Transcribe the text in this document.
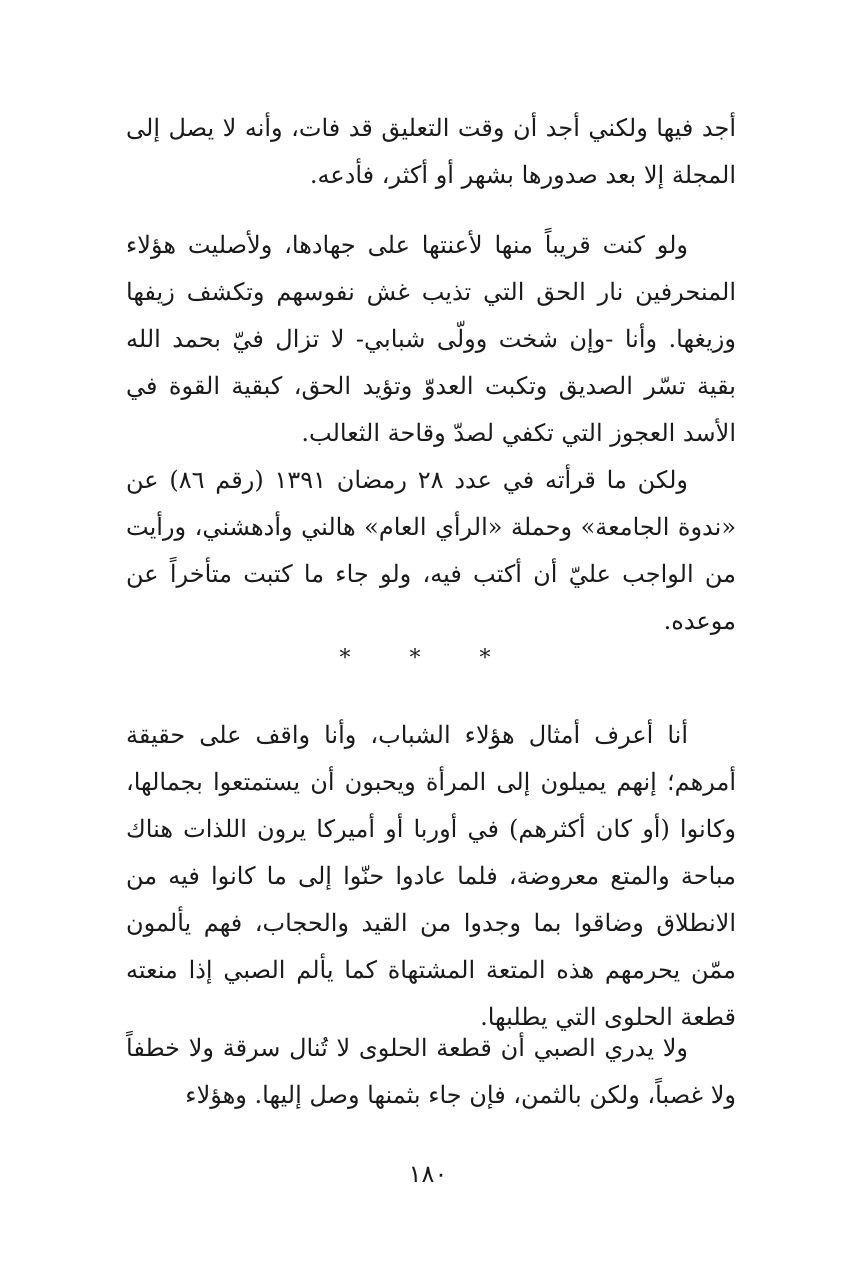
أجد فيها ولكني أجد أن وقت التعليق قد فات، وأنه لا يصل إلى المجلة إلا بعد صدورها بشهر أو أكثر، فأدعه.

ولو كنت قريباً منها لأعنتها على جهادها، ولأصليت هؤلاء المنحرفين نار الحق التي تذيب غش نفوسهم وتكشف زيفها وزيغها. وأنا -وإن شخت وولّى شبابي- لا تزال فيّ بحمد الله بقية تسّر الصديق وتكبت العدوّ وتؤيد الحق، كبقية القوة في الأسد العجوز التي تكفي لصدّ وقاحة الثعالب.

ولكن ما قرأته في عدد ٢٨ رمضان ١٣٩١ (رقم ٨٦) عن «ندوة الجامعة» وحملة «الرأي العام» هالني وأدهشني، ورأيت من الواجب عليّ أن أكتب فيه، ولو جاء ما كتبت متأخراً عن موعده.

* * *

أنا أعرف أمثال هؤلاء الشباب، وأنا واقف على حقيقة أمرهم؛ إنهم يميلون إلى المرأة ويحبون أن يستمتعوا بجمالها، وكانوا (أو كان أكثرهم) في أوربا أو أميركا يرون اللذات هناك مباحة والمتع معروضة، فلما عادوا حنّوا إلى ما كانوا فيه من الانطلاق وضاقوا بما وجدوا من القيد والحجاب، فهم يألمون ممّن يحرمهم هذه المتعة المشتهاة كما يألم الصبي إذا منعته قطعة الحلوى التي يطلبها.

ولا يدري الصبي أن قطعة الحلوى لا تُنال سرقة ولا خطفاً ولا غصباً، ولكن بالثمن، فإن جاء بثمنها وصل إليها. وهؤلاء

١٨٠
